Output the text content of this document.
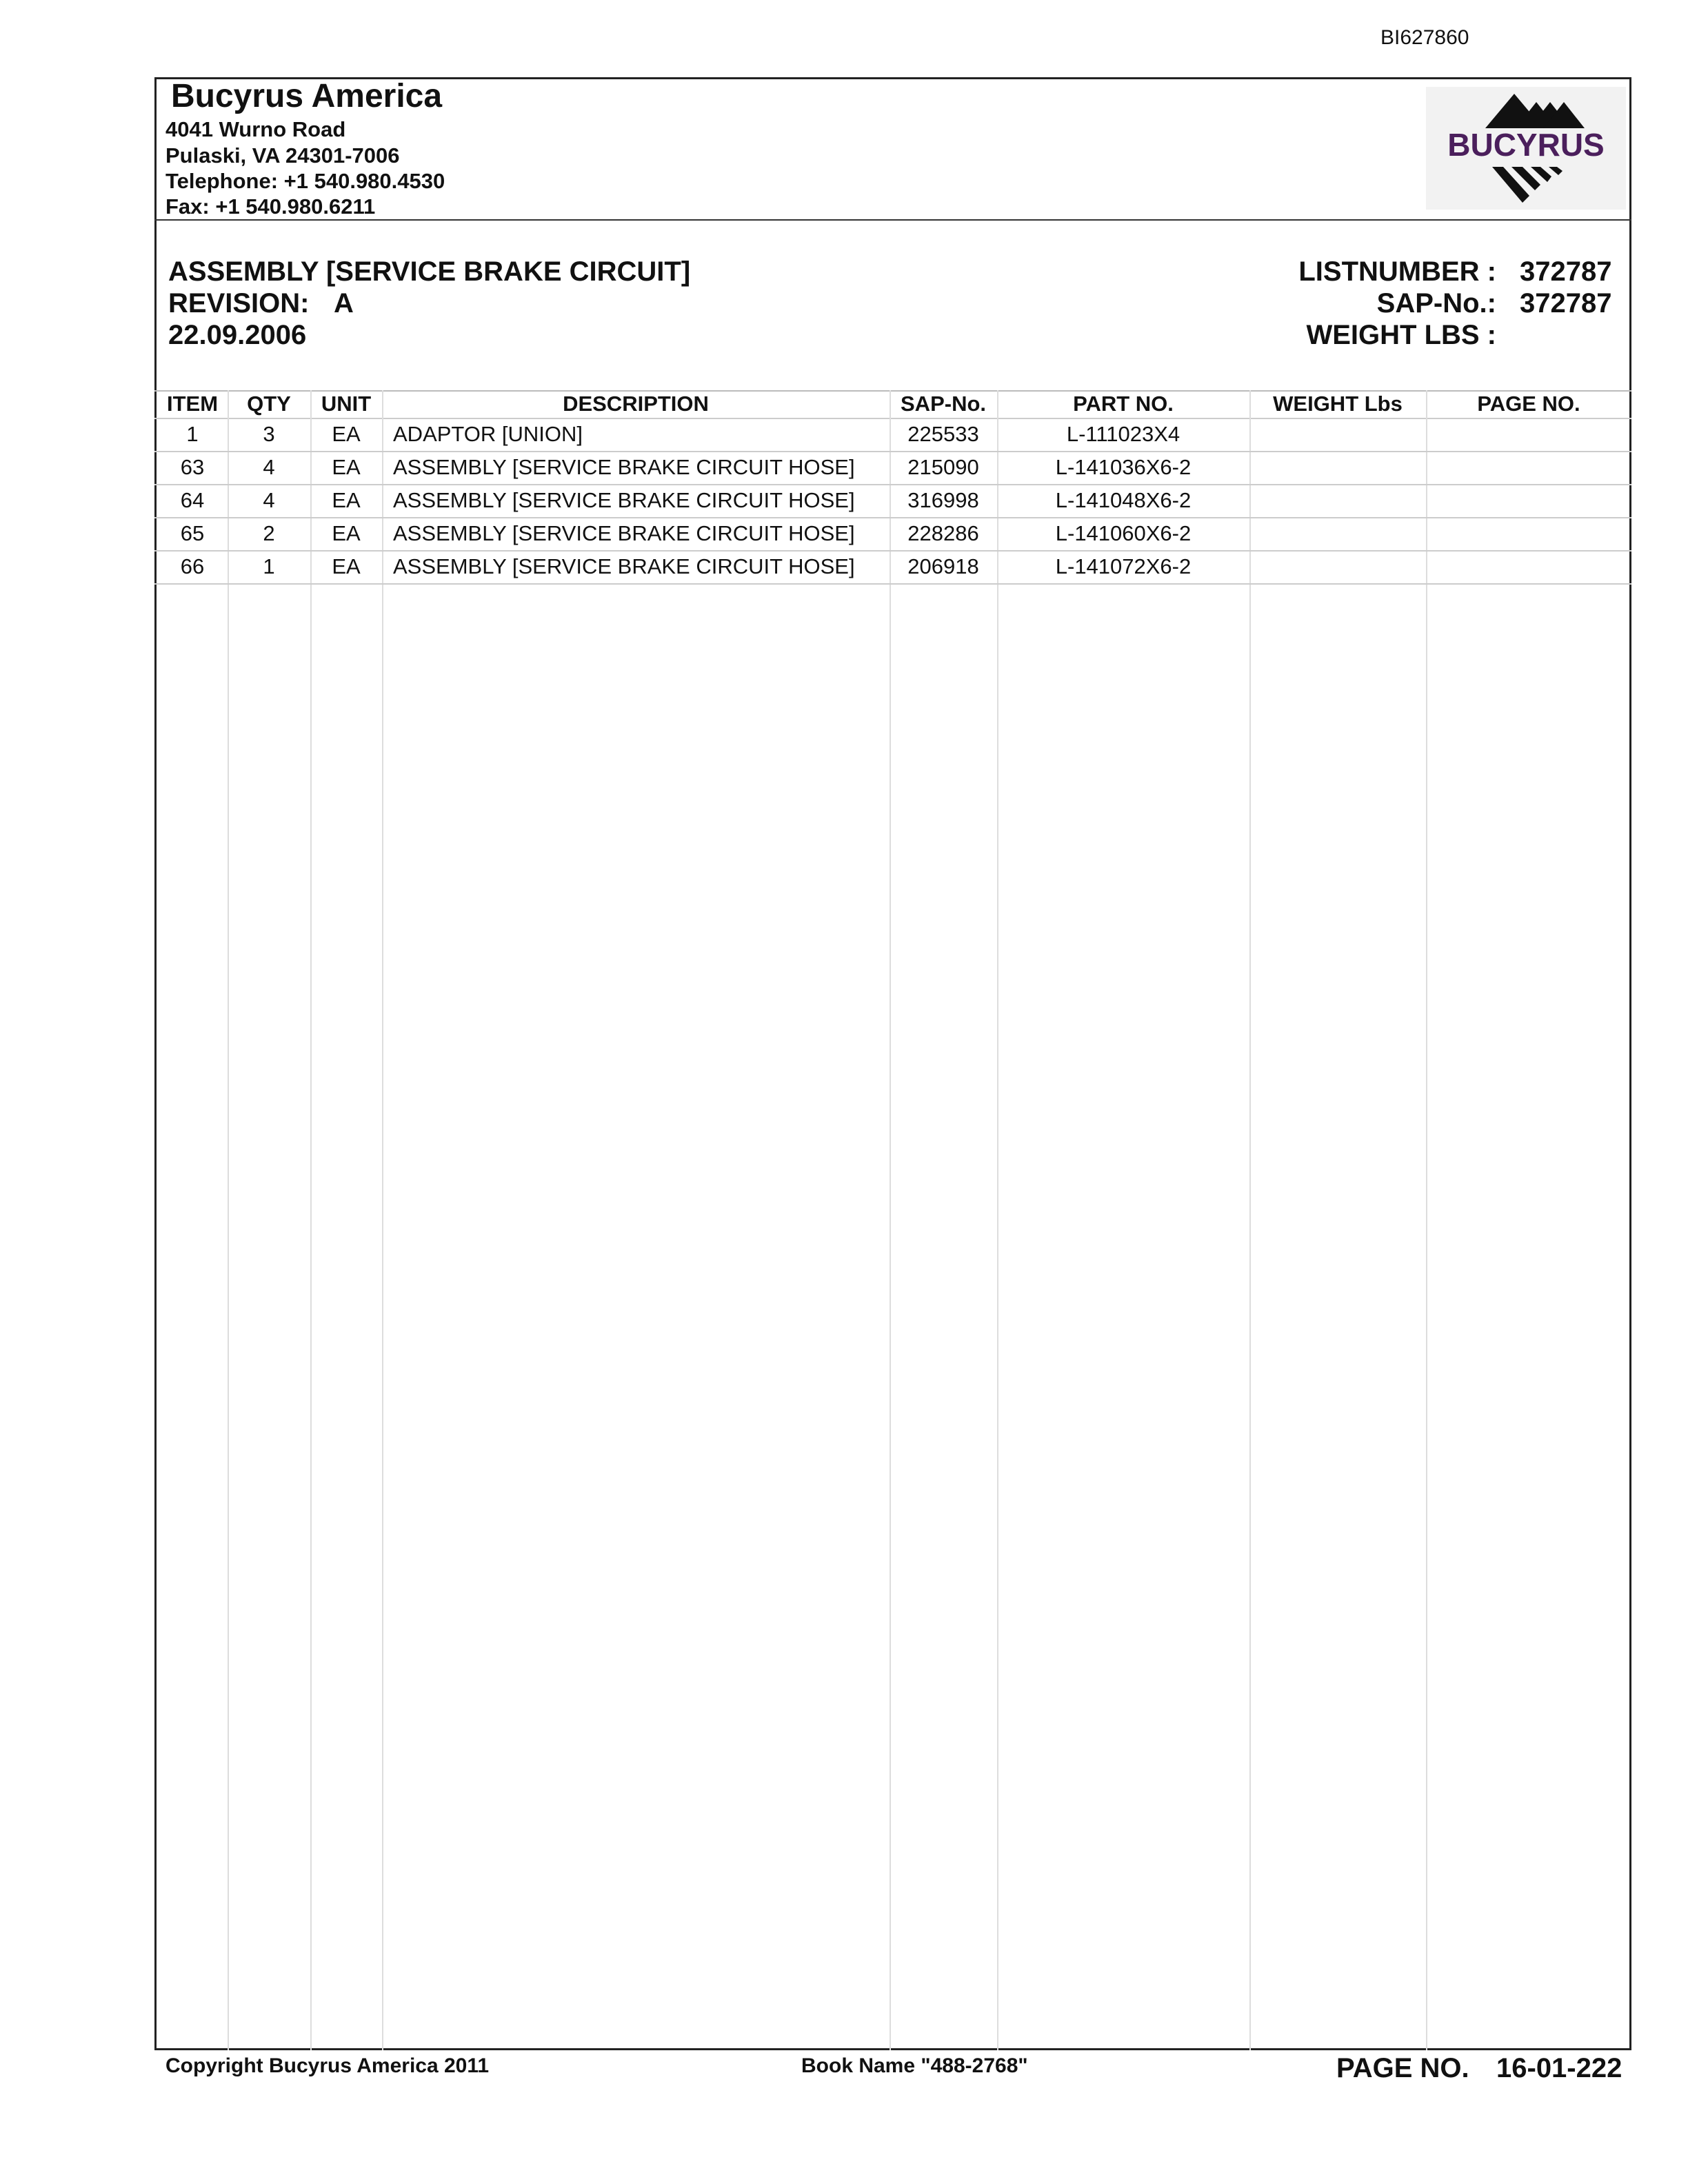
BI627860
Bucyrus America
4041 Wurno Road
Pulaski, VA 24301-7006
Telephone: +1 540.980.4530
Fax: +1 540.980.6211
BUCYRUS
ASSEMBLY [SERVICE BRAKE CIRCUIT]
REVISION: A
22.09.2006
LISTNUMBER :
SAP-No.:
WEIGHT LBS :
372787
372787
ITEM	QTY	UNIT	DESCRIPTION	SAP-No.	PART NO.	WEIGHT Lbs	PAGE NO.
1	3	EA	ADAPTOR [UNION]	225533	L-111023X4
63	4	EA	ASSEMBLY [SERVICE BRAKE CIRCUIT HOSE]	215090	L-141036X6-2
64	4	EA	ASSEMBLY [SERVICE BRAKE CIRCUIT HOSE]	316998	L-141048X6-2
65	2	EA	ASSEMBLY [SERVICE BRAKE CIRCUIT HOSE]	228286	L-141060X6-2
66	1	EA	ASSEMBLY [SERVICE BRAKE CIRCUIT HOSE]	206918	L-141072X6-2
Copyright Bucyrus America 2011	Book Name "488-2768"	PAGE NO. 16-01-222
